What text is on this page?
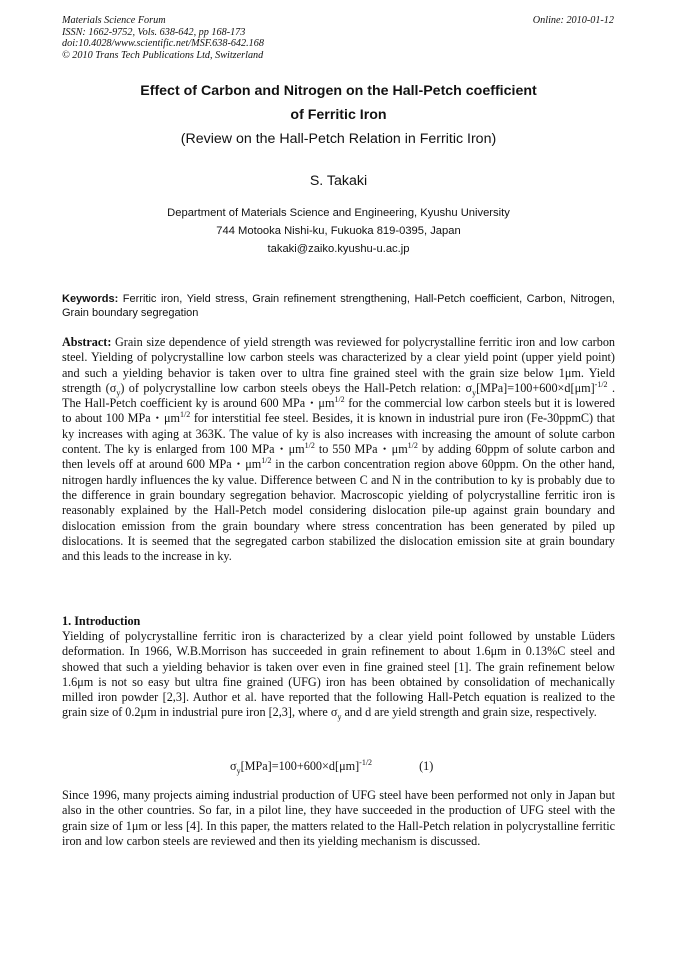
Materials Science Forum
ISSN: 1662-9752, Vols. 638-642, pp 168-173
doi:10.4028/www.scientific.net/MSF.638-642.168
© 2010 Trans Tech Publications Ltd, Switzerland
Online: 2010-01-12
Effect of Carbon and Nitrogen on the Hall-Petch coefficient
of Ferritic Iron
(Review on the Hall-Petch Relation in Ferritic Iron)
S. Takaki
Department of Materials Science and Engineering, Kyushu University
744 Motooka Nishi-ku, Fukuoka 819-0395, Japan
takaki@zaiko.kyushu-u.ac.jp
Keywords: Ferritic iron, Yield stress, Grain refinement strengthening, Hall-Petch coefficient, Carbon, Nitrogen, Grain boundary segregation
Abstract: Grain size dependence of yield strength was reviewed for polycrystalline ferritic iron and low carbon steel. Yielding of polycrystalline low carbon steels was characterized by a clear yield point (upper yield point) and such a yielding behavior is taken over to ultra fine grained steel with the grain size below 1μm. Yield strength $(\sigma_y)$ of polycrystalline low carbon steels obeys the Hall-Petch relation: $\sigma_y[MPa]=100+600\times d[\mu m]^{-1/2}$ . The Hall-Petch coefficient ky is around 600 MPa・$\mu m^{1/2}$ for the commercial low carbon steels but it is lowered to about 100 MPa・$\mu m^{1/2}$ for interstitial fee steel. Besides, it is known in industrial pure iron (Fe-30ppmC) that ky increases with aging at 363K. The value of ky is also increases with increasing the amount of solute carbon content. The ky is enlarged from 100 MPa・$\mu m^{1/2}$ to 550 MPa・$\mu m^{1/2}$ by adding 60ppm of solute carbon and then levels off at around 600 MPa・$\mu m^{1/2}$ in the carbon concentration region above 60ppm. On the other hand, nitrogen hardly influences the ky value. Difference between C and N in the contribution to ky is probably due to the difference in grain boundary segregation behavior. Macroscopic yielding of polycrystalline ferritic iron is reasonably explained by the Hall-Petch model considering dislocation pile-up against grain boundary and dislocation emission from the grain boundary where stress concentration has been generated by piled up dislocations. It is seemed that the segregated carbon stabilized the dislocation emission site at grain boundary and this leads to the increase in ky.
1. Introduction
Yielding of polycrystalline ferritic iron is characterized by a clear yield point followed by unstable Lüders deformation. In 1966, W.B.Morrison has succeeded in grain refinement to about 1.6μm in 0.13%C steel and showed that such a yielding behavior is taken over even in fine grained steel [1]. The grain refinement below 1.6μm is not so easy but ultra fine grained (UFG) iron has been obtained by consolidation of mechanically milled iron powder [2,3]. Author et al. have reported that the following Hall-Petch equation is realized to the grain size of 0.2μm in industrial pure iron [2,3], where $\sigma_y$ and d are yield strength and grain size, respectively.
$\sigma_y[MPa]=100+600\times d[\mu m]^{-1/2}$	(1)
Since 1996, many projects aiming industrial production of UFG steel have been performed not only in Japan but also in the other countries. So far, in a pilot line, they have succeeded in the production of UFG steel with the grain size of 1μm or less [4]. In this paper, the matters related to the Hall-Petch relation in polycrystalline ferritic iron and low carbon steels are reviewed and then its yielding mechanism is discussed.
